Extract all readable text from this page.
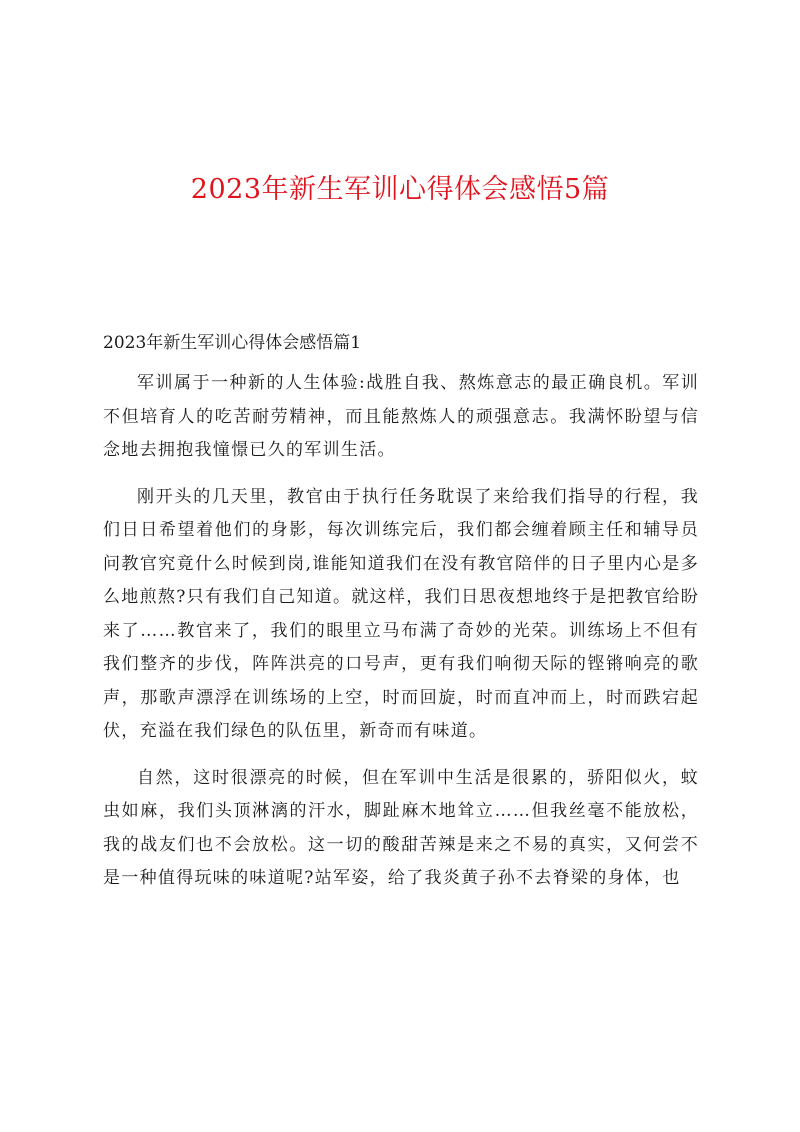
2023年新生军训心得体会感悟5篇
2023年新生军训心得体会感悟篇1

军训属于一种新的人生体验:战胜自我、熬炼意志的最正确良机。军训不但培育人的吃苦耐劳精神，而且能熬炼人的顽强意志。我满怀盼望与信念地去拥抱我憧憬已久的军训生活。

刚开头的几天里，教官由于执行任务耽误了来给我们指导的行程，我们日日希望着他们的身影，每次训练完后，我们都会缠着顾主任和辅导员问教官究竟什么时候到岗,谁能知道我们在没有教官陪伴的日子里内心是多么地煎熬?只有我们自己知道。就这样，我们日思夜想地终于是把教官给盼来了……教官来了，我们的眼里立马布满了奇妙的光荣。训练场上不但有我们整齐的步伐，阵阵洪亮的口号声，更有我们响彻天际的铿锵响亮的歌声，那歌声漂浮在训练场的上空，时而回旋，时而直冲而上，时而跌宕起伏，充溢在我们绿色的队伍里，新奇而有味道。

自然，这时很漂亮的时候，但在军训中生活是很累的，骄阳似火，蚊虫如麻，我们头顶淋漓的汗水，脚趾麻木地耸立……但我丝毫不能放松，我的战友们也不会放松。这一切的酸甜苦辣是来之不易的真实，又何尝不是一种值得玩味的味道呢?站军姿，给了我炎黄子孙不去脊梁的身体，也
